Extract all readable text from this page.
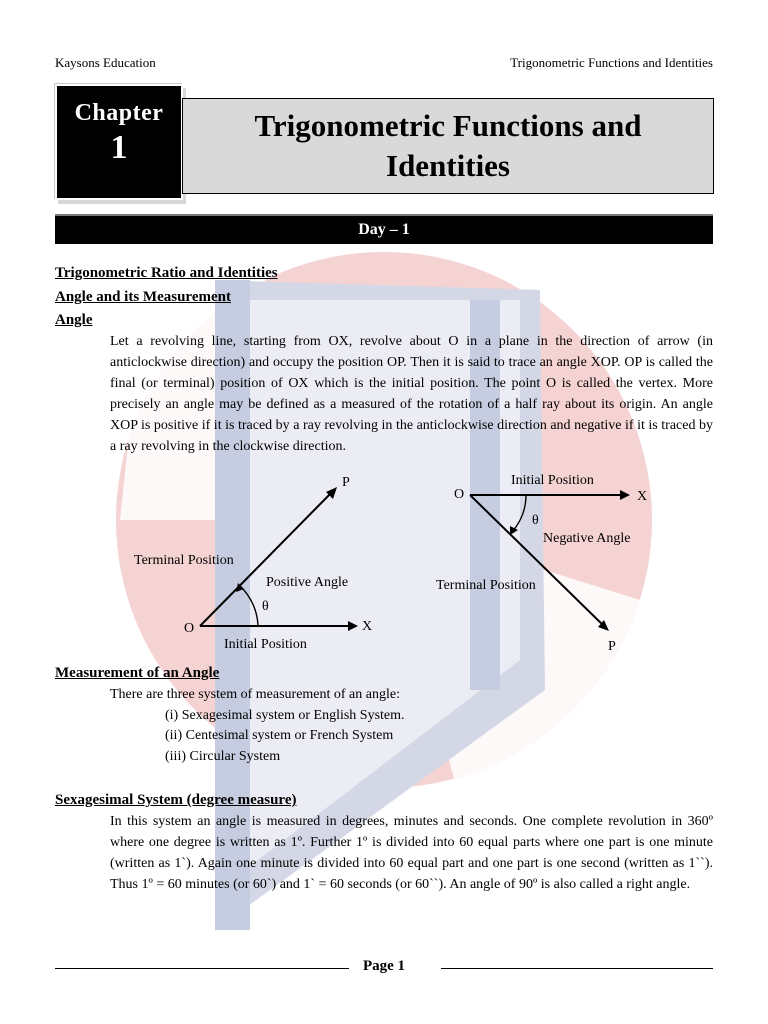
Kaysons Education	Trigonometric Functions and Identities
Chapter
1
Trigonometric Functions and Identities
Day – 1
Trigonometric Ratio and Identities
Angle and its Measurement
Angle
Let a revolving line, starting from OX, revolve about O in a plane in the direction of arrow (in anticlockwise direction) and occupy the position OP. Then it is said to trace an angle XOP. OP is called the final (or terminal) position of OX which is the initial position. The point O is called the vertex. More precisely an angle may be defined as a measured of the rotation of a half ray about its origin. An angle XOP is positive if it is traced by a ray revolving in the anticlockwise direction and negative if it is traced by a ray revolving in the clockwise direction.
P
O	X
Terminal Position
Positive Angle
θ
Initial Position
O	X
P
Initial Position
θ
Negative Angle
Terminal Position
Measurement of an Angle
There are three system of measurement of an angle:
(i) Sexagesimal system or English System.
(ii) Centesimal system or French System
(iii) Circular System
Sexagesimal System (degree measure)
In this system an angle is measured in degrees, minutes and seconds. One complete revolution in 360º where one degree is written as 1º. Further 1º is divided into 60 equal parts where one part is one minute (written as 1`). Again one minute is divided into 60 equal part and one part is one second (written as 1``). Thus 1º = 60 minutes (or 60`) and 1` = 60 seconds (or 60``). An angle of 90º is also called a right angle.
Page 1
